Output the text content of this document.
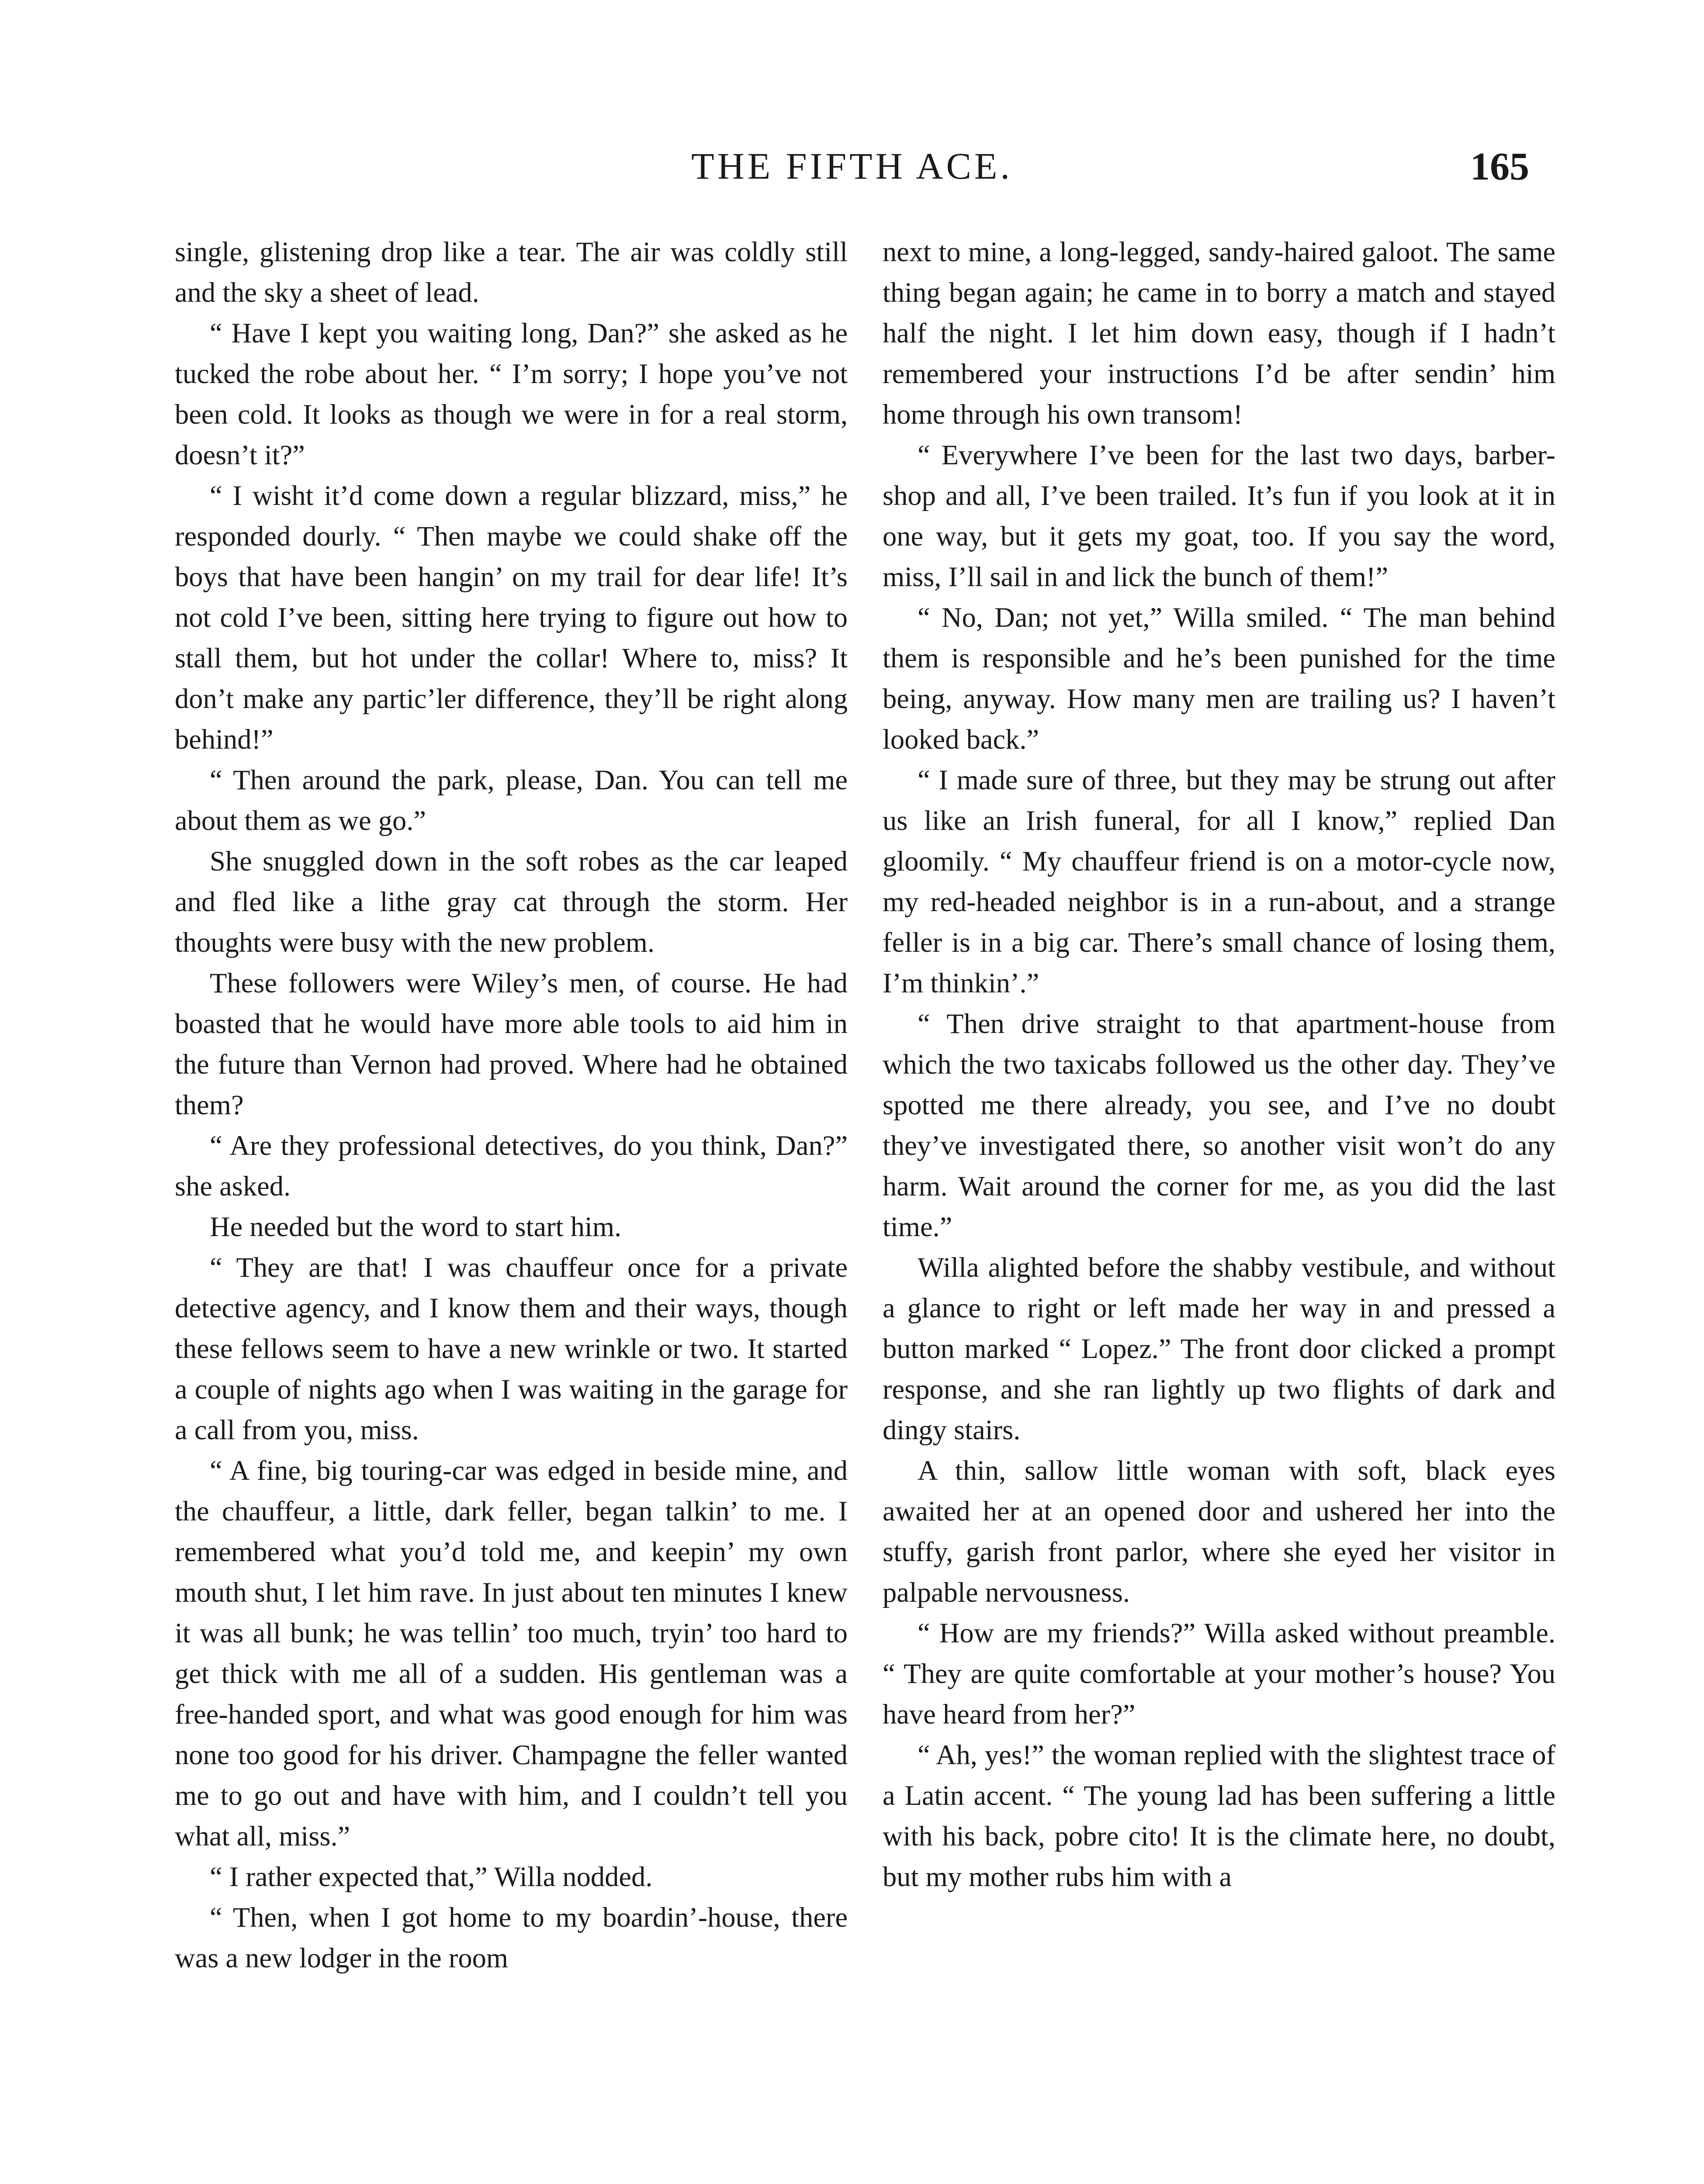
THE FIFTH ACE.	165

single, glistening drop like a tear. The air was coldly still and the sky a sheet of lead.

“ Have I kept you waiting long, Dan?” she asked as he tucked the robe about her. “ I’m sorry; I hope you’ve not been cold. It looks as though we were in for a real storm, doesn’t it?”

“ I wisht it’d come down a regular blizzard, miss,” he responded dourly. “ Then maybe we could shake off the boys that have been hangin’ on my trail for dear life! It’s not cold I’ve been, sitting here trying to figure out how to stall them, but hot under the collar! Where to, miss? It don’t make any partic’ler difference, they’ll be right along behind!”

“ Then around the park, please, Dan. You can tell me about them as we go.”

She snuggled down in the soft robes as the car leaped and fled like a lithe gray cat through the storm. Her thoughts were busy with the new problem.

These followers were Wiley’s men, of course. He had boasted that he would have more able tools to aid him in the future than Vernon had proved. Where had he obtained them?

“ Are they professional detectives, do you think, Dan?” she asked.

He needed but the word to start him.

“ They are that! I was chauffeur once for a private detective agency, and I know them and their ways, though these fellows seem to have a new wrinkle or two. It started a couple of nights ago when I was waiting in the garage for a call from you, miss.

“ A fine, big touring-car was edged in beside mine, and the chauffeur, a little, dark feller, began talkin’ to me. I remembered what you’d told me, and keepin’ my own mouth shut, I let him rave. In just about ten minutes I knew it was all bunk; he was tellin’ too much, tryin’ too hard to get thick with me all of a sudden. His gentleman was a free-handed sport, and what was good enough for him was none too good for his driver. Champagne the feller wanted me to go out and have with him, and I couldn’t tell you what all, miss.”

“ I rather expected that,” Willa nodded.

“ Then, when I got home to my boardin’-house, there was a new lodger in the room

next to mine, a long-legged, sandy-haired galoot. The same thing began again; he came in to borry a match and stayed half the night. I let him down easy, though if I hadn’t remembered your instructions I’d be after sendin’ him home through his own transom!

“ Everywhere I’ve been for the last two days, barber-shop and all, I’ve been trailed. It’s fun if you look at it in one way, but it gets my goat, too. If you say the word, miss, I’ll sail in and lick the bunch of them!”

“ No, Dan; not yet,” Willa smiled. “ The man behind them is responsible and he’s been punished for the time being, anyway. How many men are trailing us? I haven’t looked back.”

“ I made sure of three, but they may be strung out after us like an Irish funeral, for all I know,” replied Dan gloomily. “ My chauffeur friend is on a motor-cycle now, my red-headed neighbor is in a run-about, and a strange feller is in a big car. There’s small chance of losing them, I’m thinkin’.”

“ Then drive straight to that apartment-house from which the two taxicabs followed us the other day. They’ve spotted me there already, you see, and I’ve no doubt they’ve investigated there, so another visit won’t do any harm. Wait around the corner for me, as you did the last time.”

Willa alighted before the shabby vestibule, and without a glance to right or left made her way in and pressed a button marked “ Lopez.” The front door clicked a prompt response, and she ran lightly up two flights of dark and dingy stairs.

A thin, sallow little woman with soft, black eyes awaited her at an opened door and ushered her into the stuffy, garish front parlor, where she eyed her visitor in palpable nervousness.

“ How are my friends?” Willa asked without preamble. “ They are quite comfortable at your mother’s house? You have heard from her?”

“ Ah, yes!” the woman replied with the slightest trace of a Latin accent. “ The young lad has been suffering a little with his back, pobre cito! It is the climate here, no doubt, but my mother rubs him with a
